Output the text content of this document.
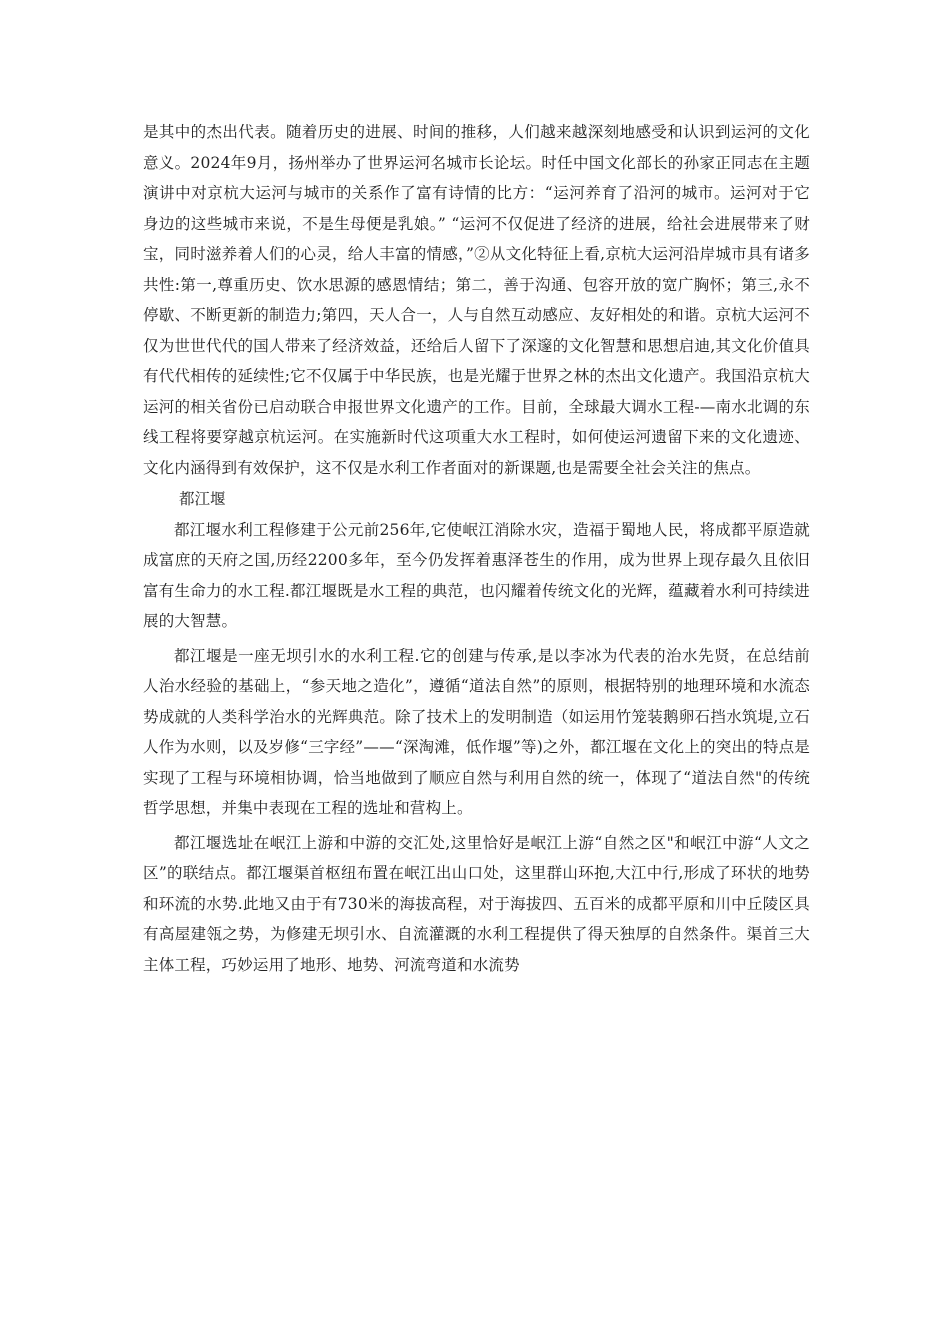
是其中的杰出代表。随着历史的进展、时间的推移，人们越来越深刻地感受和认识到运河的文化意义。2024年9月，扬州举办了世界运河名城市长论坛。时任中国文化部长的孙家正同志在主题演讲中对京杭大运河与城市的关系作了富有诗情的比方：“运河养育了沿河的城市。运河对于它身边的这些城市来说，不是生母便是乳娘。” “运河不仅促进了经济的进展，给社会进展带来了财宝，同时滋养着人们的心灵，给人丰富的情感，”②从文化特征上看,京杭大运河沿岸城市具有诸多共性:第一,尊重历史、饮水思源的感恩情结；第二，善于沟通、包容开放的宽广胸怀；第三,永不停歇、不断更新的制造力;第四，天人合一，人与自然互动感应、友好相处的和谐。京杭大运河不仅为世世代代的国人带来了经济效益，还给后人留下了深邃的文化智慧和思想启迪,其文化价值具有代代相传的延续性;它不仅属于中华民族，也是光耀于世界之林的杰出文化遗产。我国沿京杭大运河的相关省份已启动联合申报世界文化遗产的工作。目前，全球最大调水工程-—南水北调的东线工程将要穿越京杭运河。在实施新时代这项重大水工程时，如何使运河遗留下来的文化遗迹、文化内涵得到有效保护，这不仅是水利工作者面对的新课题,也是需要全社会关注的焦点。

都江堰

都江堰水利工程修建于公元前256年,它使岷江消除水灾，造福于蜀地人民，将成都平原造就成富庶的天府之国,历经2200多年，至今仍发挥着惠泽苍生的作用，成为世界上现存最久且依旧富有生命力的水工程.都江堰既是水工程的典范，也闪耀着传统文化的光辉，蕴藏着水利可持续进展的大智慧。

都江堰是一座无坝引水的水利工程.它的创建与传承,是以李冰为代表的治水先贤，在总结前人治水经验的基础上，“参天地之造化”，遵循“道法自然”的原则，根据特别的地理环境和水流态势成就的人类科学治水的光辉典范。除了技术上的发明制造（如运用竹笼装鹅卵石挡水筑堤,立石人作为水则，以及岁修“三字经”——“深淘滩，低作堰”等)之外，都江堰在文化上的突出的特点是实现了工程与环境相协调，恰当地做到了顺应自然与利用自然的统一，体现了“道法自然"的传统哲学思想，并集中表现在工程的选址和营构上。

都江堰选址在岷江上游和中游的交汇处,这里恰好是岷江上游“自然之区"和岷江中游“人文之区”的联结点。都江堰渠首枢纽布置在岷江出山口处，这里群山环抱,大江中行,形成了环状的地势和环流的水势.此地又由于有730米的海拔高程，对于海拔四、五百米的成都平原和川中丘陵区具有高屋建瓴之势，为修建无坝引水、自流灌溉的水利工程提供了得天独厚的自然条件。渠首三大主体工程，巧妙运用了地形、地势、河流弯道和水流势
